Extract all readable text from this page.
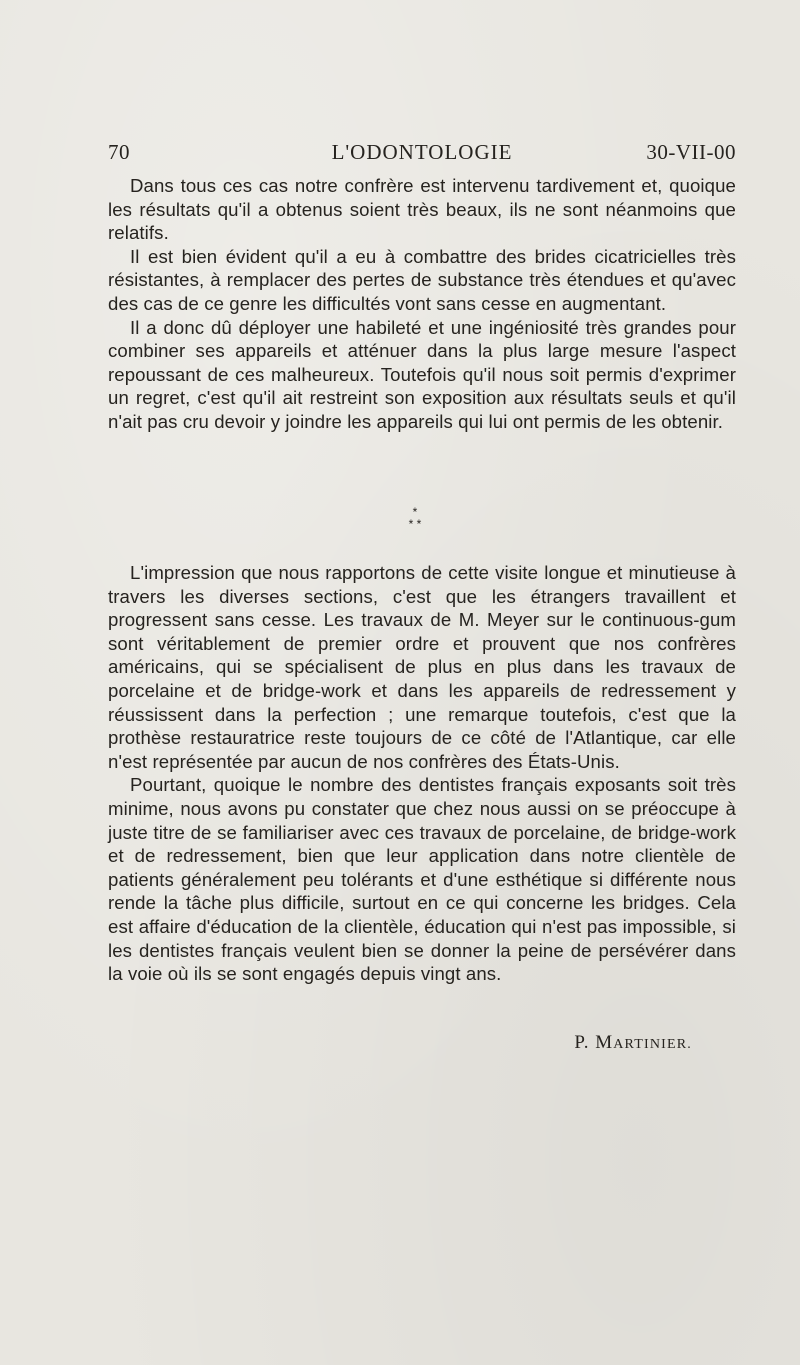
70	L'ODONTOLOGIE	30-VII-00

Dans tous ces cas notre confrère est intervenu tardivement et, quoique les résultats qu'il a obtenus soient très beaux, ils ne sont néanmoins que relatifs.

Il est bien évident qu'il a eu à combattre des brides cicatricielles très résistantes, à remplacer des pertes de substance très étendues et qu'avec des cas de ce genre les difficultés vont sans cesse en augmentant.

Il a donc dû déployer une habileté et une ingéniosité très grandes pour combiner ses appareils et atténuer dans la plus large mesure l'aspect repoussant de ces malheureux. Toutefois qu'il nous soit permis d'exprimer un regret, c'est qu'il ait restreint son exposition aux résultats seuls et qu'il n'ait pas cru devoir y joindre les appareils qui lui ont permis de les obtenir.

*
* *

L'impression que nous rapportons de cette visite longue et minutieuse à travers les diverses sections, c'est que les étrangers travaillent et progressent sans cesse. Les travaux de M. Meyer sur le continuous-gum sont véritablement de premier ordre et prouvent que nos confrères américains, qui se spécialisent de plus en plus dans les travaux de porcelaine et de bridge-work et dans les appareils de redressement y réussissent dans la perfection ; une remarque toutefois, c'est que la prothèse restauratrice reste toujours de ce côté de l'Atlantique, car elle n'est représentée par aucun de nos confrères des États-Unis.

Pourtant, quoique le nombre des dentistes français exposants soit très minime, nous avons pu constater que chez nous aussi on se préoccupe à juste titre de se familiariser avec ces travaux de porcelaine, de bridge-work et de redressement, bien que leur application dans notre clientèle de patients généralement peu tolérants et d'une esthétique si différente nous rende la tâche plus difficile, surtout en ce qui concerne les bridges. Cela est affaire d'éducation de la clientèle, éducation qui n'est pas impossible, si les dentistes français veulent bien se donner la peine de persévérer dans la voie où ils se sont engagés depuis vingt ans.

P. MARTINIER.
